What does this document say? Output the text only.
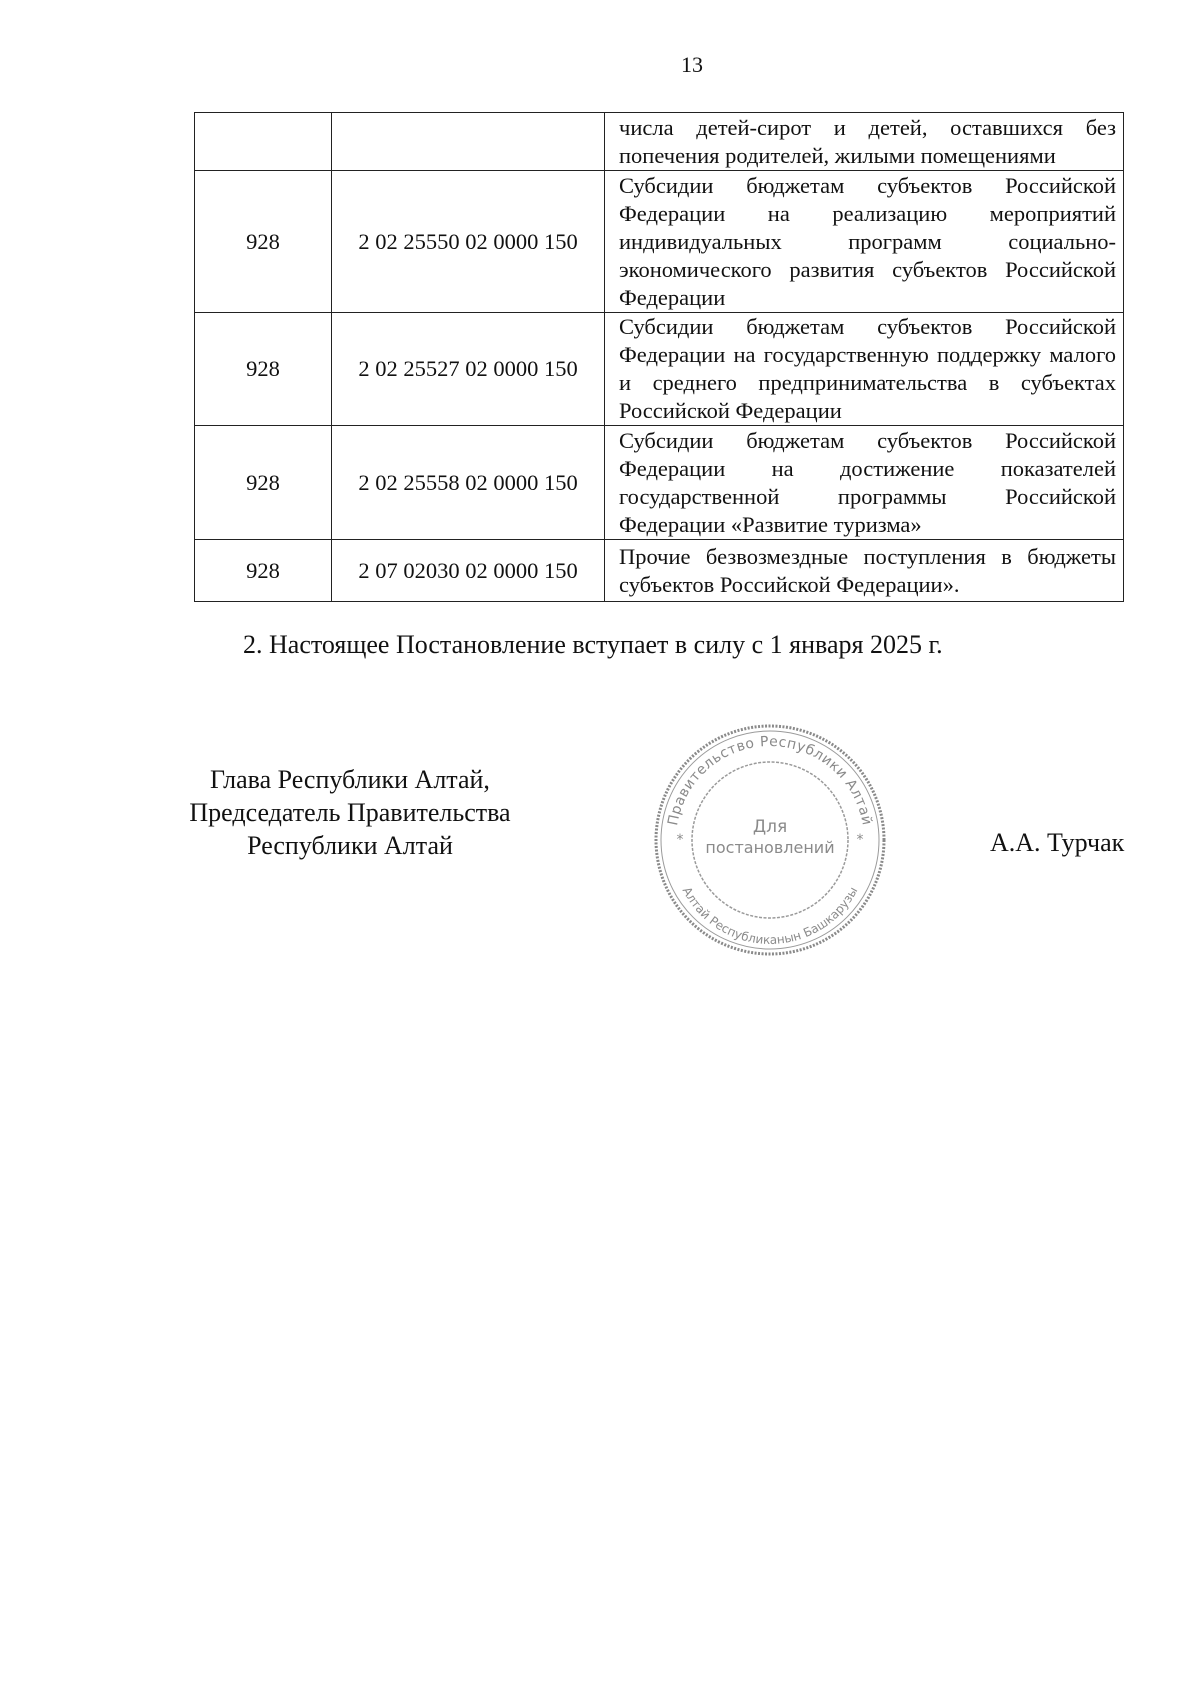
13
		числа детей-сирот и детей, оставшихся без попечения родителей, жилыми помещениями
928	2 02 25550 02 0000 150	Субсидии бюджетам субъектов Российской Федерации на реализацию мероприятий индивидуальных программ социально-экономического развития субъектов Российской Федерации
928	2 02 25527 02 0000 150	Субсидии бюджетам субъектов Российской Федерации на государственную поддержку малого и среднего предпринимательства в субъектах Российской Федерации
928	2 02 25558 02 0000 150	Субсидии бюджетам субъектов Российской Федерации на достижение показателей государственной программы Российской Федерации «Развитие туризма»
928	2 07 02030 02 0000 150	Прочие безвозмездные поступления в бюджеты субъектов Российской Федерации».
2. Настоящее Постановление вступает в силу с 1 января 2025 г.
Глава Республики Алтай,
Председатель Правительства
Республики Алтай
Правительство Республики Алтай
Алтай Республиканын Башкарузы
*	*
Для
постановлений	А.А. Турчак
